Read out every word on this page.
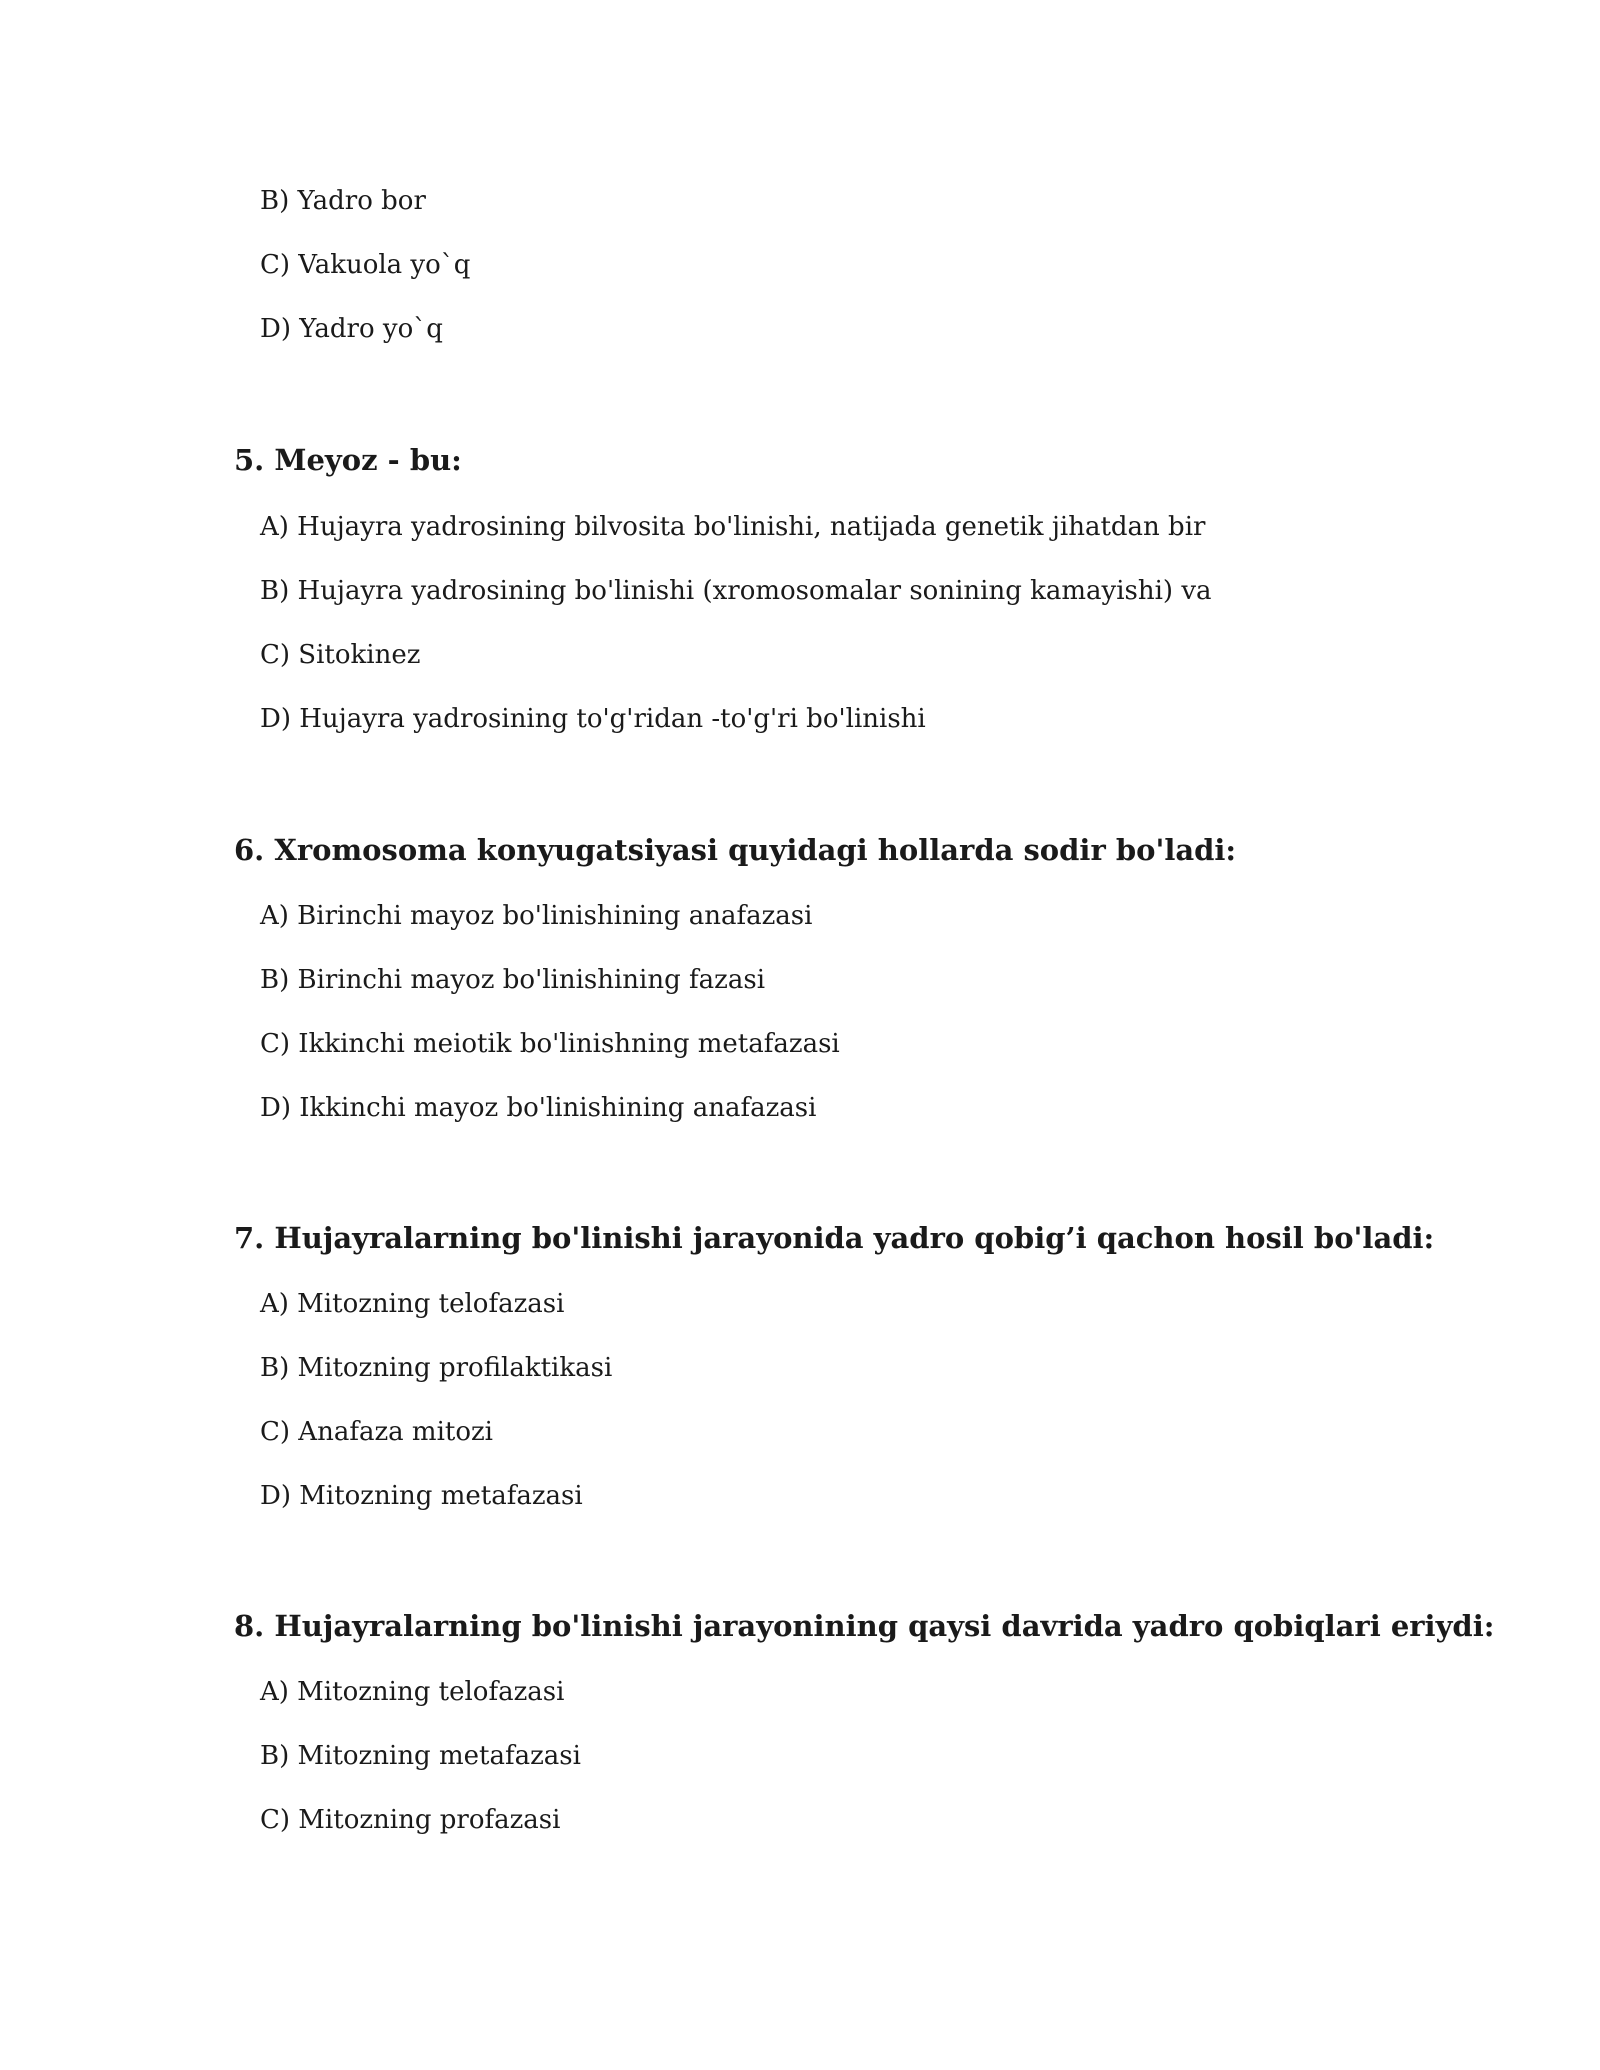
B) Yadro bor
C) Vakuola yo`q
D) Yadro yo`q
5. Meyoz - bu:
A) Hujayra yadrosining bilvosita bo'linishi, natijada genetik jihatdan bir
B) Hujayra yadrosining bo'linishi (xromosomalar sonining kamayishi) va
C) Sitokinez
D) Hujayra yadrosining to'g'ridan -to'g'ri bo'linishi
6. Xromosoma konyugatsiyasi quyidagi hollarda sodir bo'ladi:
A) Birinchi mayoz bo'linishining anafazasi
B) Birinchi mayoz bo'linishining fazasi
C) Ikkinchi meiotik bo'linishning metafazasi
D) Ikkinchi mayoz bo'linishining anafazasi
7. Hujayralarning bo'linishi jarayonida yadro qobig’i qachon hosil bo'ladi:
A) Mitozning telofazasi
B) Mitozning profilaktikasi
C) Anafaza mitozi
D) Mitozning metafazasi
8. Hujayralarning bo'linishi jarayonining qaysi davrida yadro qobiqlari eriydi:
A) Mitozning telofazasi
B) Mitozning metafazasi
C) Mitozning profazasi
